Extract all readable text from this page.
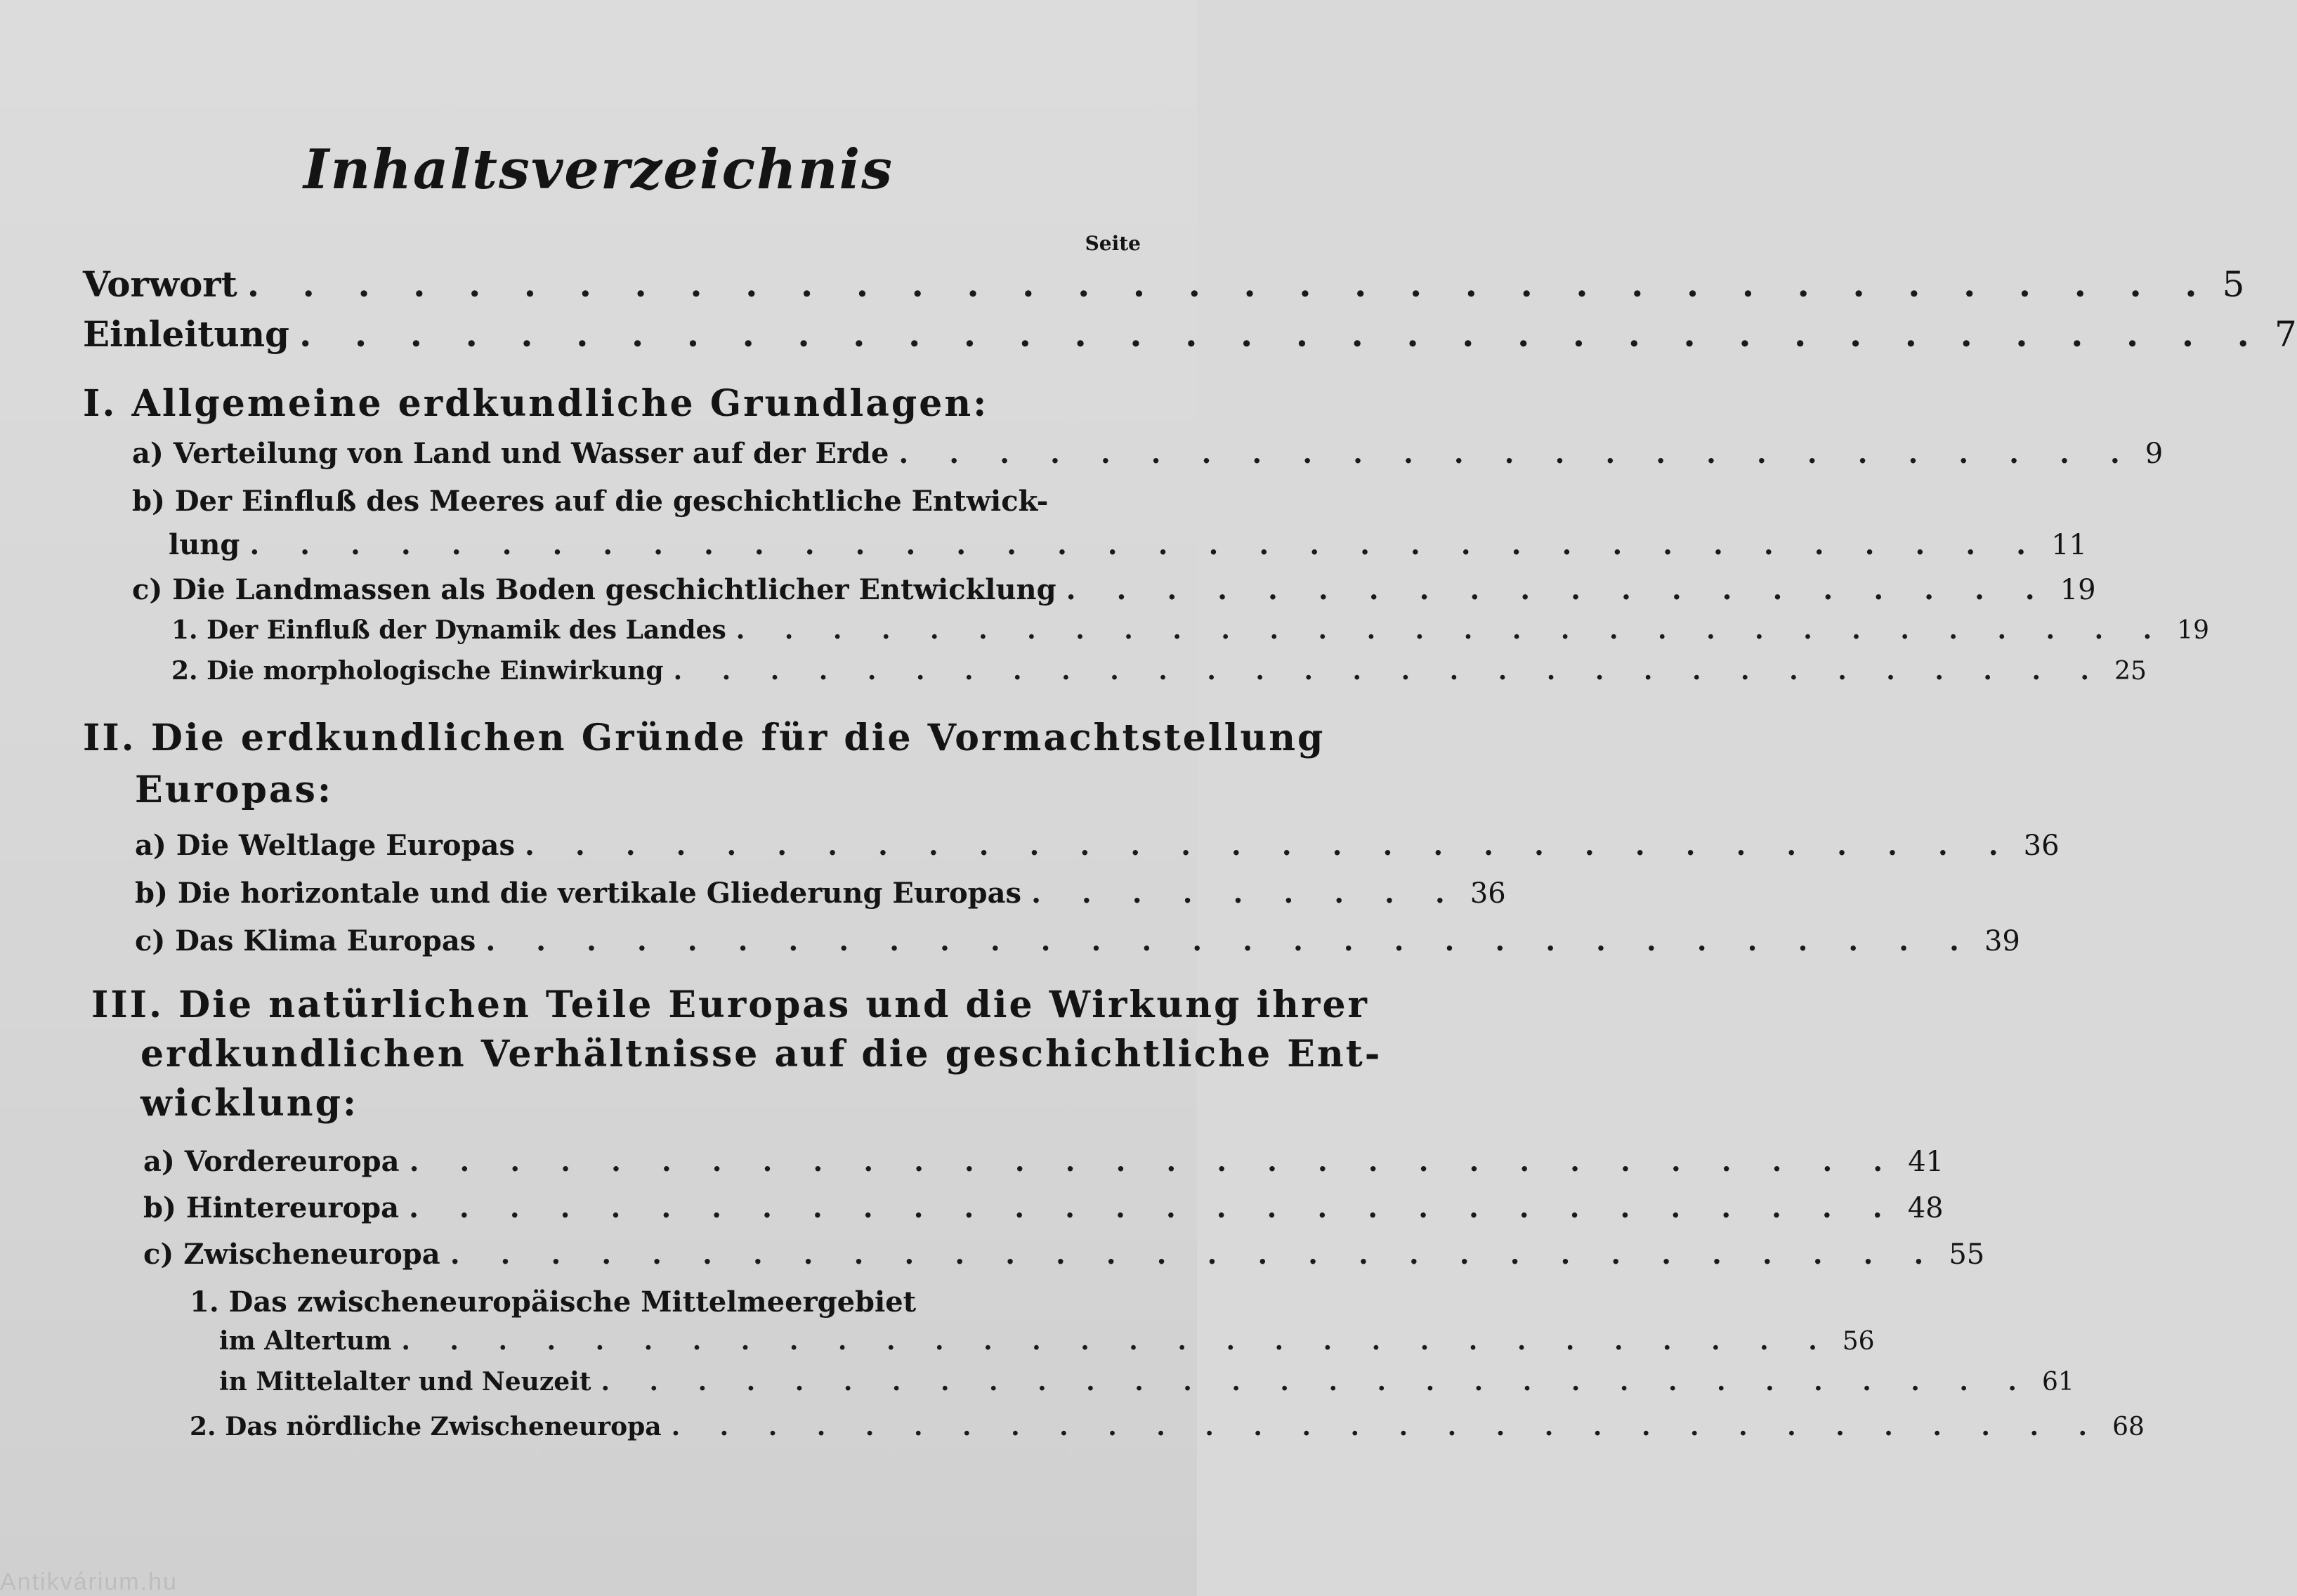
Inhaltsverzeichnis
Seite
Vorwort . . . . . . . . . . . . . . . . . . . . . . . . . . . . . . . . . . . . 5
Einleitung . . . . . . . . . . . . . . . . . . . . . . . . . . . . . . . . . . . . 7
I. Allgemeine erdkundliche Grundlagen:
a) Verteilung von Land und Wasser auf der Erde . . . . . . . . . . . . . . . . . . . . . . . . . 9
b) Der Einfluß des Meeres auf die geschichtliche Entwick-
lung . . . . . . . . . . . . . . . . . . . . . . . . . . . . . . . . . . . . 11
c) Die Landmassen als Boden geschichtlicher Entwicklung . . . . . . . . . . . . . . . . . . . . 19
1. Der Einfluß der Dynamik des Landes . . . . . . . . . . . . . . . . . . . . . . . . . . . . . . 19
2. Die morphologische Einwirkung . . . . . . . . . . . . . . . . . . . . . . . . . . . . . . 25
II. Die erdkundlichen Gründe für die Vormachtstellung
Europas:
a) Die Weltlage Europas . . . . . . . . . . . . . . . . . . . . . . . . . . . . . . 36
b) Die horizontale und die vertikale Gliederung Europas . . . . . . . . . 36
c) Das Klima Europas . . . . . . . . . . . . . . . . . . . . . . . . . . . . . . 39
III. Die natürlichen Teile Europas und die Wirkung ihrer
erdkundlichen Verhältnisse auf die geschichtliche Ent-
wicklung:
a) Vordereuropa . . . . . . . . . . . . . . . . . . . . . . . . . . . . . . 41
b) Hintereuropa . . . . . . . . . . . . . . . . . . . . . . . . . . . . . . 48
c) Zwischeneuropa . . . . . . . . . . . . . . . . . . . . . . . . . . . . . . 55
1. Das zwischeneuropäische Mittelmeergebiet
im Altertum . . . . . . . . . . . . . . . . . . . . . . . . . . . . . . 56
in Mittelalter und Neuzeit . . . . . . . . . . . . . . . . . . . . . . . . . . . . . . 61
2. Das nördliche Zwischeneuropa . . . . . . . . . . . . . . . . . . . . . . . . . . . . . . 68
Antikvárium.hu
